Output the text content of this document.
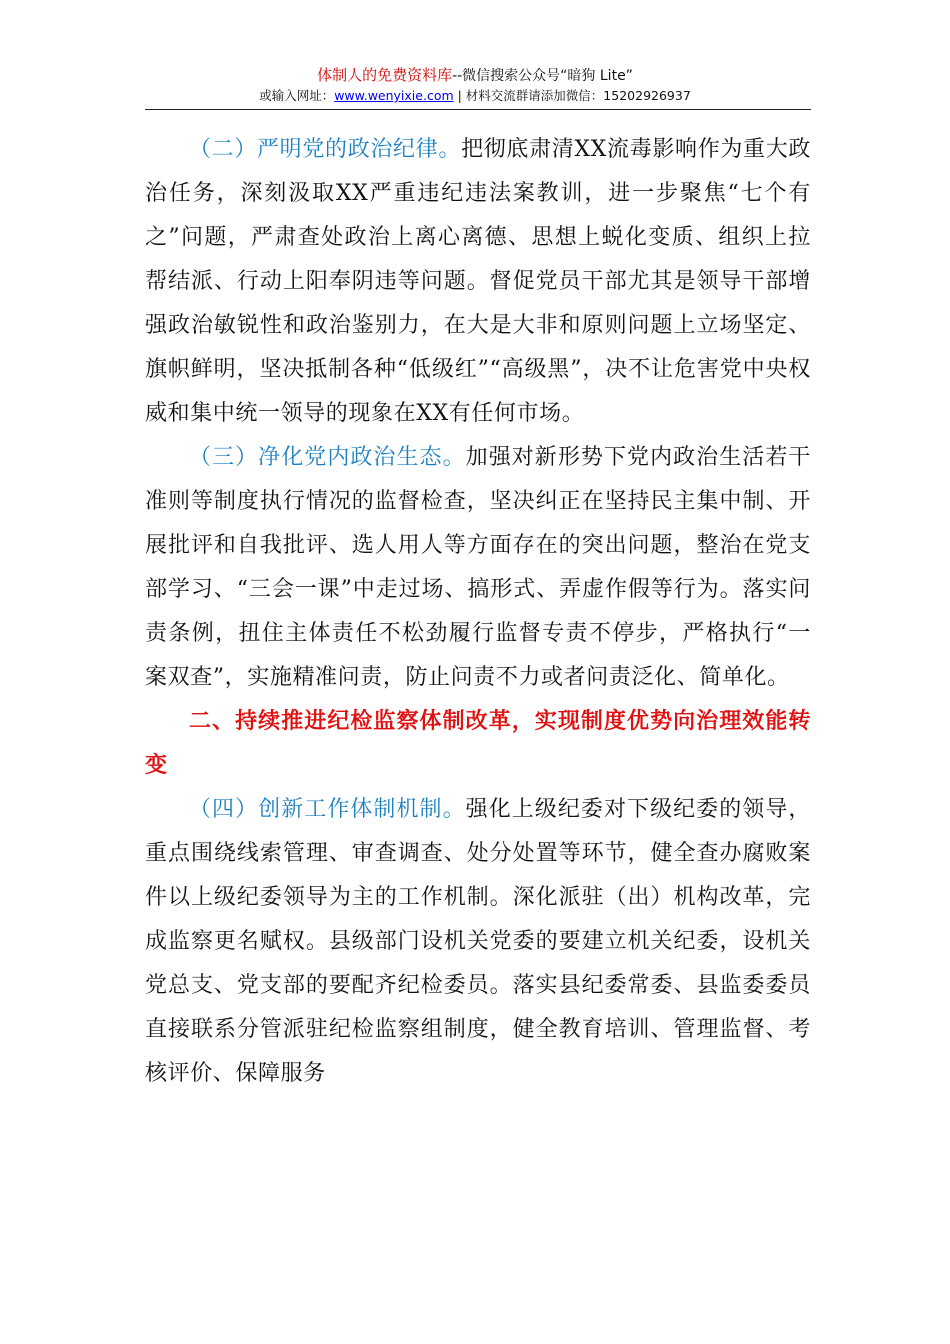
体制人的免费资料库--微信搜索公众号“暗狗 Lite”
或输入网址：www.wenyixie.com | 材料交流群请添加微信：15202926937

（二）严明党的政治纪律。把彻底肃清XX流毒影响作为重大政治任务，深刻汲取XX严重违纪违法案教训，进一步聚焦“七个有之”问题，严肃查处政治上离心离德、思想上蜕化变质、组织上拉帮结派、行动上阳奉阴违等问题。督促党员干部尤其是领导干部增强政治敏锐性和政治鉴别力，在大是大非和原则问题上立场坚定、旗帜鲜明，坚决抵制各种“低级红”“高级黑”，决不让危害党中央权威和集中统一领导的现象在XX有任何市场。

（三）净化党内政治生态。加强对新形势下党内政治生活若干准则等制度执行情况的监督检查，坚决纠正在坚持民主集中制、开展批评和自我批评、选人用人等方面存在的突出问题，整治在党支部学习、“三会一课”中走过场、搞形式、弄虚作假等行为。落实问责条例，扭住主体责任不松劲履行监督专责不停步，严格执行“一案双查”，实施精准问责，防止问责不力或者问责泛化、简单化。

二、持续推进纪检监察体制改革，实现制度优势向治理效能转变

（四）创新工作体制机制。强化上级纪委对下级纪委的领导，重点围绕线索管理、审查调查、处分处置等环节，健全查办腐败案件以上级纪委领导为主的工作机制。深化派驻（出）机构改革，完成监察更名赋权。县级部门设机关党委的要建立机关纪委，设机关党总支、党支部的要配齐纪检委员。落实县纪委常委、县监委委员直接联系分管派驻纪检监察组制度，健全教育培训、管理监督、考核评价、保障服务
